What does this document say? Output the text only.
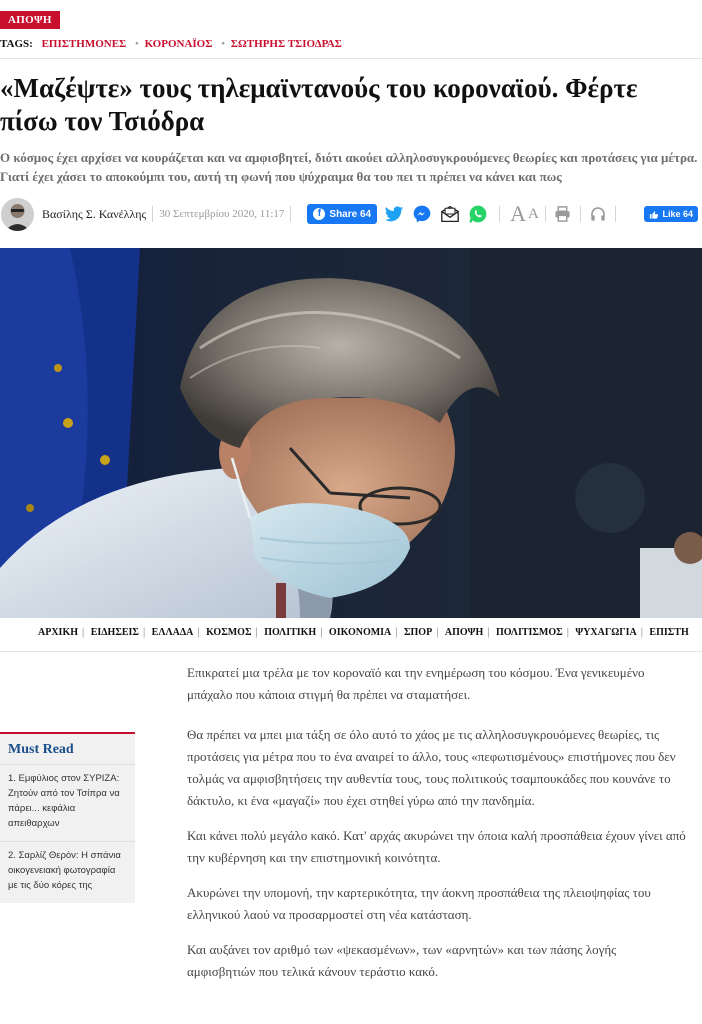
ΑΠΟΨΗ
TAGS: ΕΠΙΣΤΗΜΟΝΕΣ • ΚΟΡΟΝΑΪΟΣ • ΣΩΤΗΡΗΣ ΤΣΙΟΔΡΑΣ
«Μαζέψτε» τους τηλεμαϊντανούς του κοροναϊού. Φέρτε πίσω τον Τσιόδρα

Ο κόσμος έχει αρχίσει να κουράζεται και να αμφισβητεί, διότι ακούει αλληλοσυγκρουόμενες θεωρίες και προτάσεις για μέτρα. Γιατί έχει χάσει το αποκούμπι του, αυτή τη φωνή που ψύχραιμα θα του πει τι πρέπει να κάνει και πως

Βασίλης Σ. Κανέλλης 30 Σεπτεμβρίου 2020, 11:17	f Share 64	A A	Like 64
ΑΡΧΙΚΗ | ΕΙΔΗΣΕΙΣ | ΕΛΛΑΔΑ | ΚΟΣΜΟΣ | ΠΟΛΙΤΙΚΗ | ΟΙΚΟΝΟΜΙΑ | ΣΠΟΡ | ΑΠΟΨΗ | ΠΟΛΙΤΙΣΜΟΣ | ΨΥΧΑΓΩΓΙΑ | ΕΠΙΣΤΗ

Επικρατεί μια τρέλα με τον κοροναϊό και την ενημέρωση του κόσμου. Ένα γενικευμένο μπάχαλο που κάποια στιγμή θα πρέπει να σταματήσει.

Θα πρέπει να μπει μια τάξη σε όλο αυτό το χάος με τις αλληλοσυγκρουόμενες θεωρίες, τις προτάσεις για μέτρα που το ένα αναιρεί το άλλο, τους «πεφωτισμένους» επιστήμονες που δεν τολμάς να αμφισβητήσεις την αυθεντία τους, τους πολιτικούς τσαμπουκάδες που κουνάνε το δάκτυλο, κι ένα «μαγαζί» που έχει στηθεί γύρω από την πανδημία.

Και κάνει πολύ μεγάλο κακό. Κατ' αρχάς ακυρώνει την όποια καλή προσπάθεια έχουν γίνει από την κυβέρνηση και την επιστημονική κοινότητα.

Ακυρώνει την υπομονή, την καρτερικότητα, την άοκνη προσπάθεια της πλειοψηφίας του ελληνικού λαού να προσαρμοστεί στη νέα κατάσταση.

Και αυξάνει τον αριθμό των «ψεκασμένων», των «αρνητών» και των πάσης λογής αμφισβητιών που τελικά κάνουν τεράστιο κακό.

Must Read
1. Εμφύλιος στον ΣΥΡΙΖΑ: Ζητούν από τον Τσίπρα να πάρει... κεφάλια απειθαρχων
2. Σαρλίζ Θερόν: Η σπάνια οικογενειακή φωτογραφία με τις δύο κόρες της
